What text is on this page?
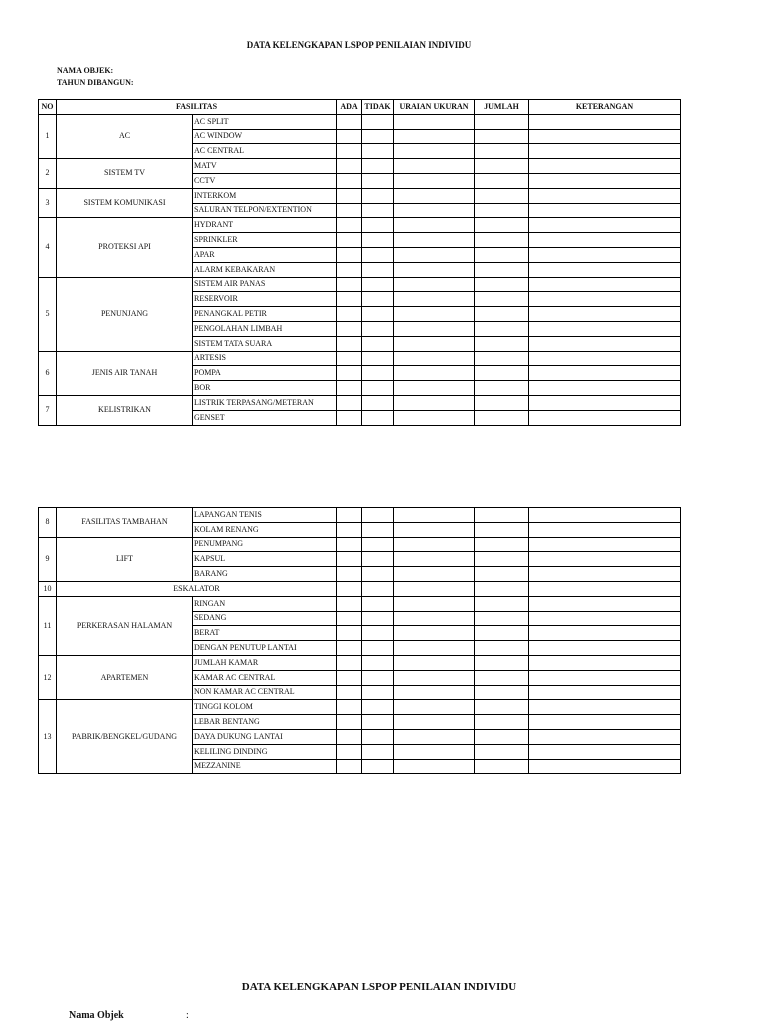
DATA KELENGKAPAN LSPOP PENILAIAN INDIVIDU
NAMA OBJEK:
TAHUN DIBANGUN:
NO	FASILITAS		ADA	TIDAK	URAIAN UKURAN	JUMLAH	KETERANGAN
1	AC	AC SPLIT					
		AC WINDOW					
		AC CENTRAL					
2	SISTEM TV	MATV					
		CCTV					
3	SISTEM KOMUNIKASI	INTERKOM					
		SALURAN TELPON/EXTENTION					
4	PROTEKSI API	HYDRANT					
		SPRINKLER					
		APAR					
		ALARM KEBAKARAN					
5	PENUNJANG	SISTEM AIR PANAS					
		RESERVOIR					
		PENANGKAL PETIR					
		PENGOLAHAN LIMBAH					
		SISTEM TATA SUARA					
6	JENIS AIR TANAH	ARTESIS					
		POMPA					
		BOR					
7	KELISTRIKAN	LISTRIK TERPASANG/METERAN					
		GENSET					
8	FASILITAS TAMBAHAN	LAPANGAN TENIS					
		KOLAM RENANG					
9	LIFT	PENUMPANG					
		KAPSUL					
		BARANG					
10	ESKALATOR						
11	PERKERASAN HALAMAN	RINGAN					
		SEDANG					
		BERAT					
		DENGAN PENUTUP LANTAI					
12	APARTEMEN	JUMLAH KAMAR					
		KAMAR AC CENTRAL					
		NON KAMAR AC CENTRAL					
13	PABRIK/BENGKEL/GUDANG	TINGGI KOLOM					
		LEBAR BENTANG					
		DAYA DUKUNG LANTAI					
		KELILING DINDING					
		MEZZANINE					
DATA KELENGKAPAN LSPOP PENILAIAN INDIVIDU
Nama Objek	:
